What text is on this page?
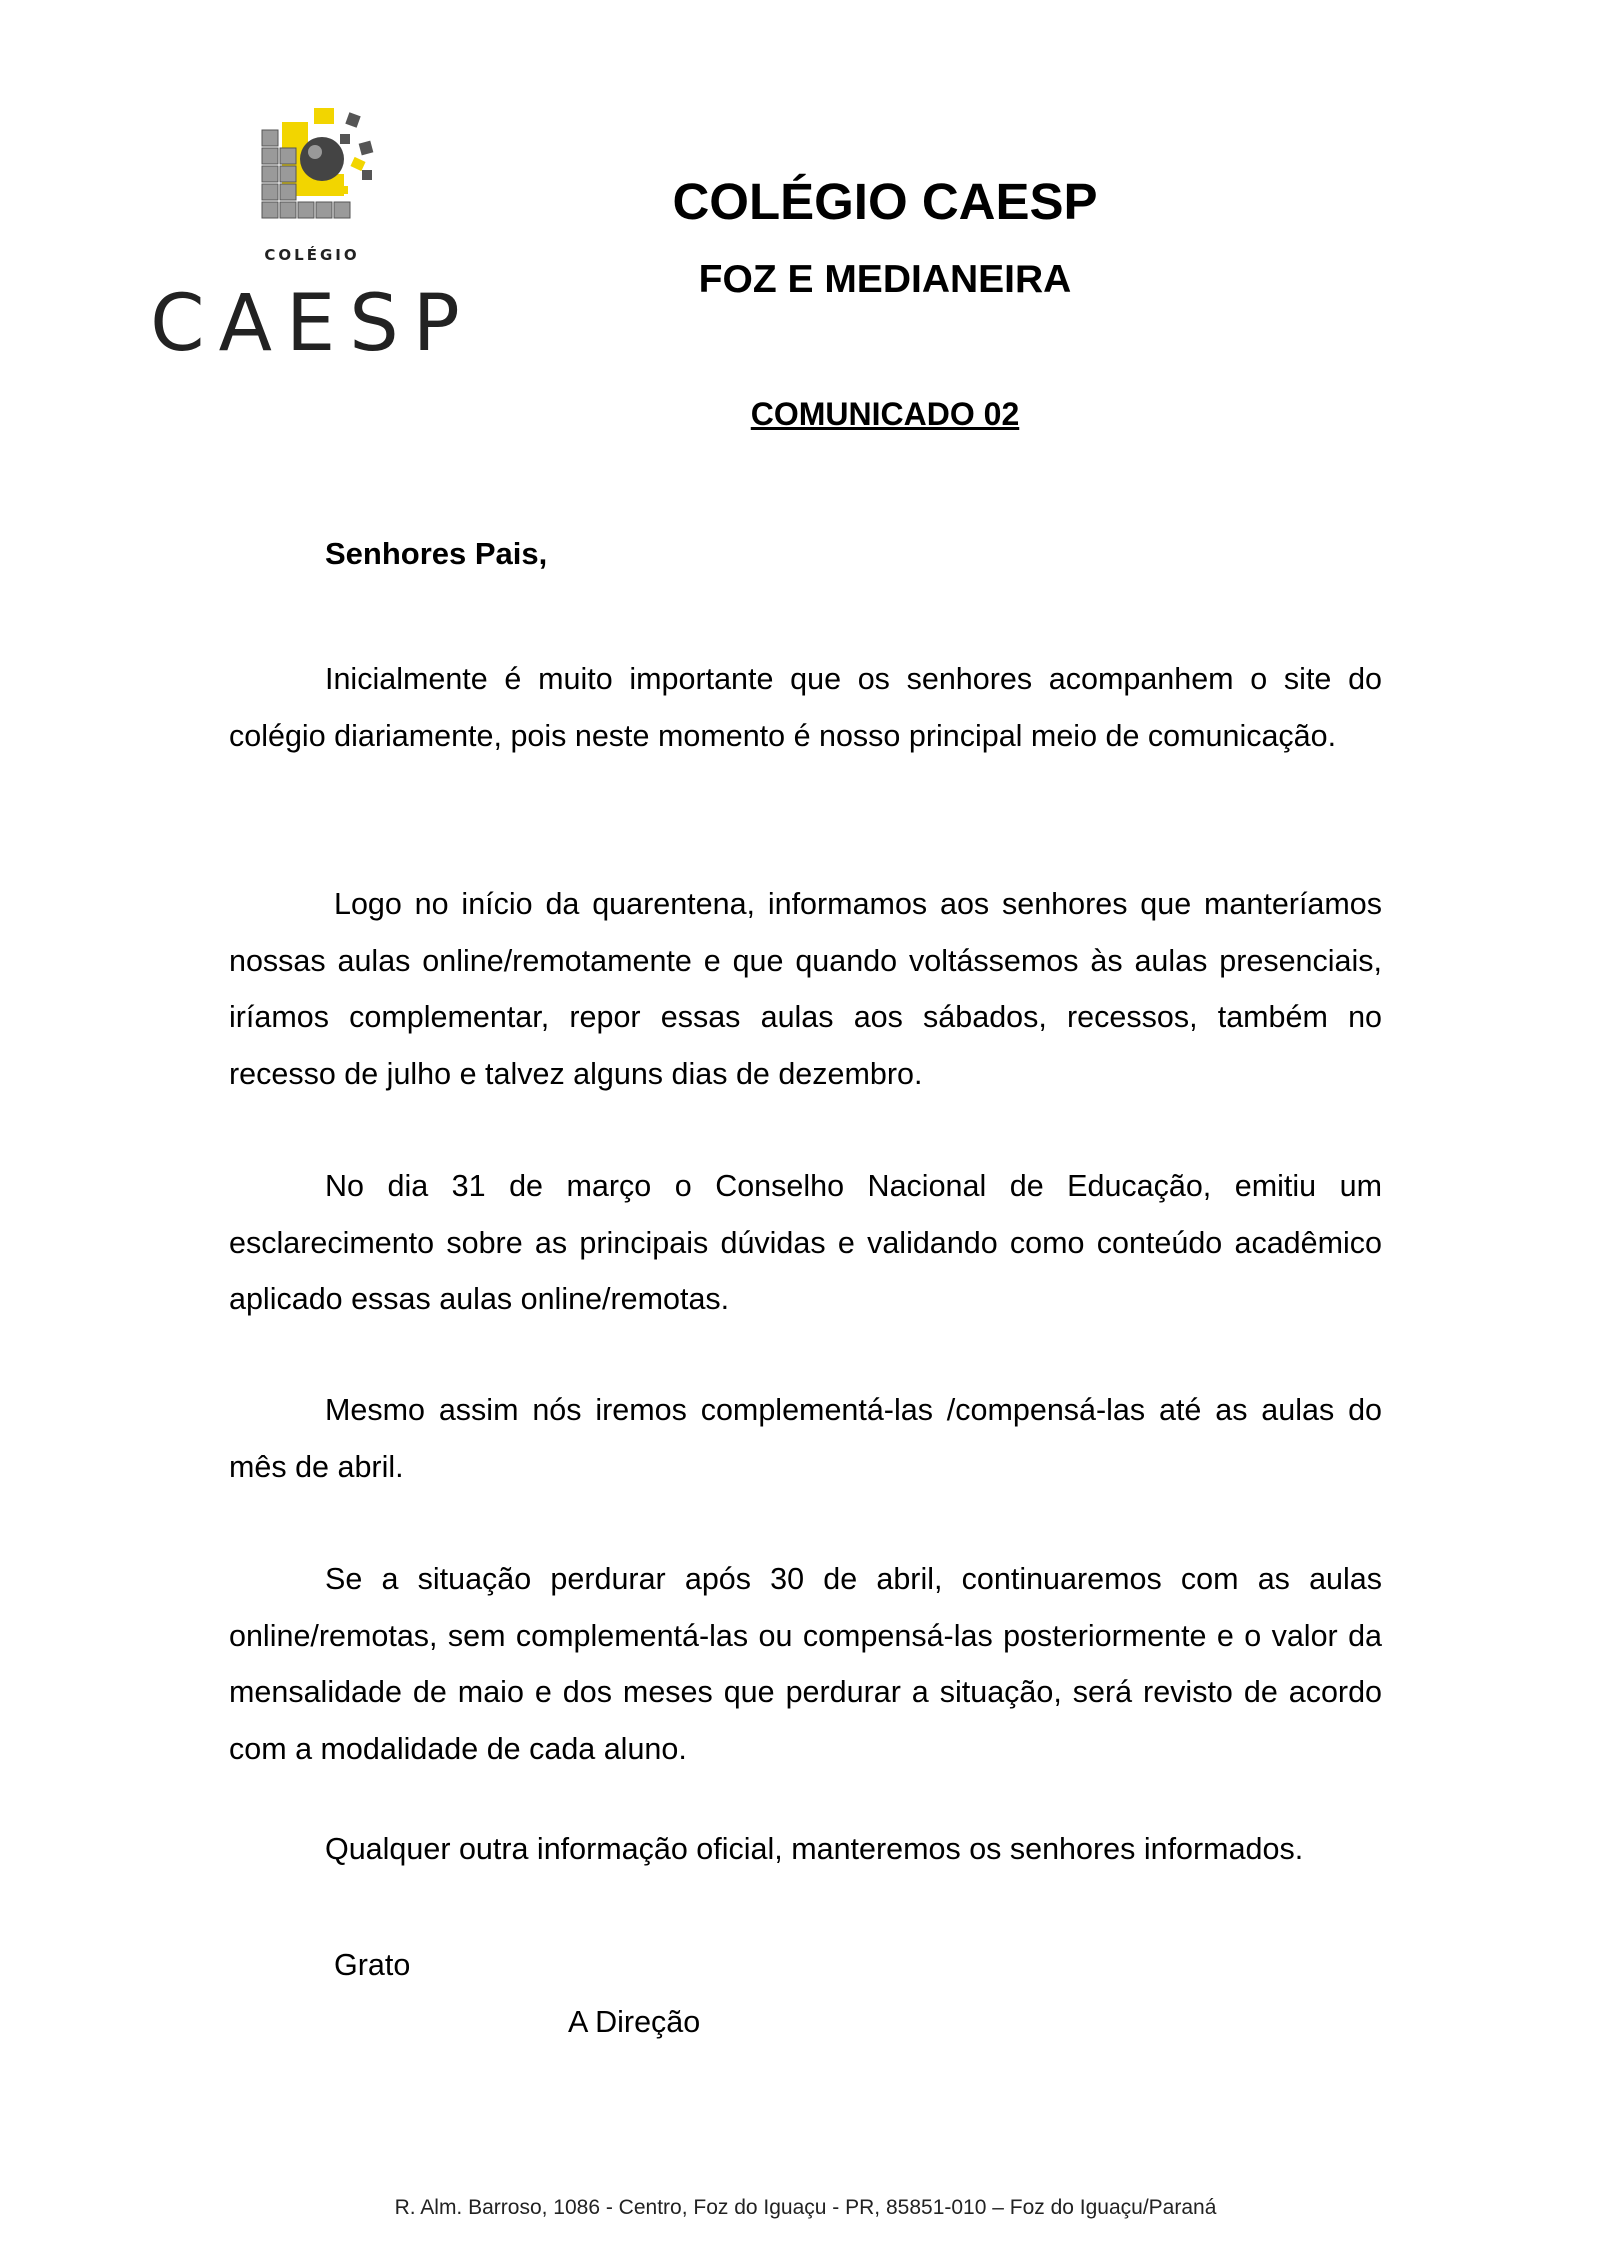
COLÉGIO
CAESP
COLÉGIO CAESP
FOZ E MEDIANEIRA
COMUNICADO 02
Senhores Pais,

Inicialmente é muito importante que os senhores acompanhem o site do colégio diariamente, pois neste momento é nosso principal meio de comunicação.

Logo no início da quarentena, informamos aos senhores que manteríamos nossas aulas online/remotamente e que quando voltássemos às aulas presenciais, iríamos complementar, repor essas aulas aos sábados, recessos, também no recesso de julho e talvez alguns dias de dezembro.

No dia 31 de março o Conselho Nacional de Educação, emitiu um esclarecimento sobre as principais dúvidas e validando como conteúdo acadêmico aplicado essas aulas online/remotas.

Mesmo assim nós iremos complementá-las /compensá-las até as aulas do mês de abril.

Se a situação perdurar após 30 de abril, continuaremos com as aulas online/remotas, sem complementá-las ou compensá-las posteriormente e o valor da mensalidade de maio e dos meses que perdurar a situação, será revisto de acordo com a modalidade de cada aluno.

Qualquer outra informação oficial, manteremos os senhores informados.
Grato
A Direção
R. Alm. Barroso, 1086 - Centro, Foz do Iguaçu - PR, 85851-010 – Foz do Iguaçu/Paraná
